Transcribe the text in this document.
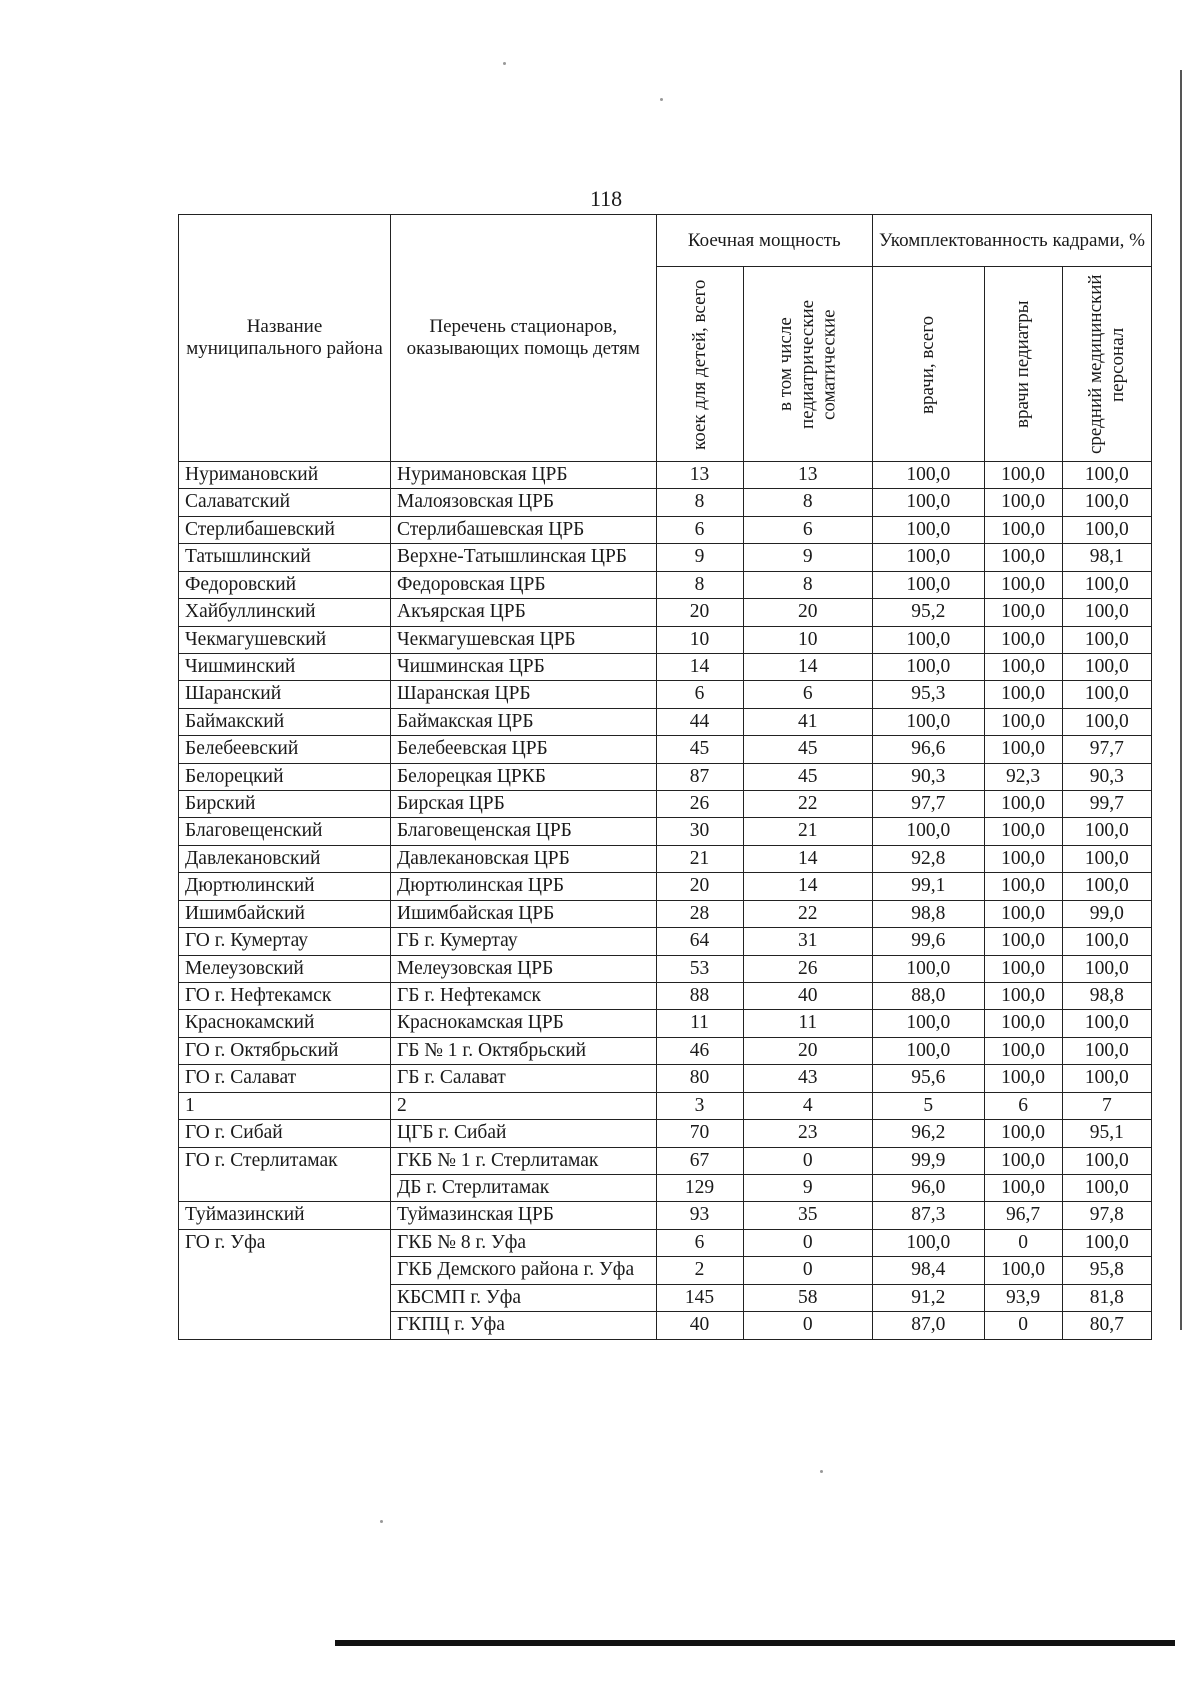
118
Название муниципального района	Перечень стационаров, оказывающих помощь детям	Коечная мощность		Укомплектованность кадрами, %		

коек для детей, всего	в том числе педиатрические соматические	врачи, всего	врачи педиатры	средний медицинский персонал

Нуримановский	Нуримановская ЦРБ	13	13	100,0	100,0	100,0
Салаватский	Малоязовская ЦРБ	8	8	100,0	100,0	100,0
Стерлибашевский	Стерлибашевская ЦРБ	6	6	100,0	100,0	100,0
Татышлинский	Верхне-Татышлинская ЦРБ	9	9	100,0	100,0	98,1
Федоровский	Федоровская ЦРБ	8	8	100,0	100,0	100,0
Хайбуллинский	Акъярская ЦРБ	20	20	95,2	100,0	100,0
Чекмагушевский	Чекмагушевская ЦРБ	10	10	100,0	100,0	100,0
Чишминский	Чишминская ЦРБ	14	14	100,0	100,0	100,0
Шаранский	Шаранская ЦРБ	6	6	95,3	100,0	100,0
Баймакский	Баймакская ЦРБ	44	41	100,0	100,0	100,0
Белебеевский	Белебеевская ЦРБ	45	45	96,6	100,0	97,7
Белорецкий	Белорецкая ЦРКБ	87	45	90,3	92,3	90,3
Бирский	Бирская ЦРБ	26	22	97,7	100,0	99,7
Благовещенский	Благовещенская ЦРБ	30	21	100,0	100,0	100,0
Давлекановский	Давлекановская ЦРБ	21	14	92,8	100,0	100,0
Дюртюлинский	Дюртюлинская ЦРБ	20	14	99,1	100,0	100,0
Ишимбайский	Ишимбайская ЦРБ	28	22	98,8	100,0	99,0
ГО г. Кумертау	ГБ г. Кумертау	64	31	99,6	100,0	100,0
Мелеузовский	Мелеузовская ЦРБ	53	26	100,0	100,0	100,0
ГО г. Нефтекамск	ГБ г. Нефтекамск	88	40	88,0	100,0	98,8
Краснокамский	Краснокамская ЦРБ	11	11	100,0	100,0	100,0
ГО г. Октябрьский	ГБ № 1 г. Октябрьский	46	20	100,0	100,0	100,0
ГО г. Салават	ГБ г. Салават	80	43	95,6	100,0	100,0
1	2	3	4	5	6	7
ГО г. Сибай	ЦГБ г. Сибай	70	23	96,2	100,0	95,1
ГО г. Стерлитамак	ГКБ № 1 г. Стерлитамак	67	0	99,9	100,0	100,0
	ДБ г. Стерлитамак	129	9	96,0	100,0	100,0
Туймазинский	Туймазинская ЦРБ	93	35	87,3	96,7	97,8
ГО г. Уфа	ГКБ № 8 г. Уфа	6	0	100,0	0	100,0
	ГКБ Демского района г. Уфа	2	0	98,4	100,0	95,8
	КБСМП г. Уфа	145	58	91,2	93,9	81,8
	ГКПЦ г. Уфа	40	0	87,0	0	80,7
